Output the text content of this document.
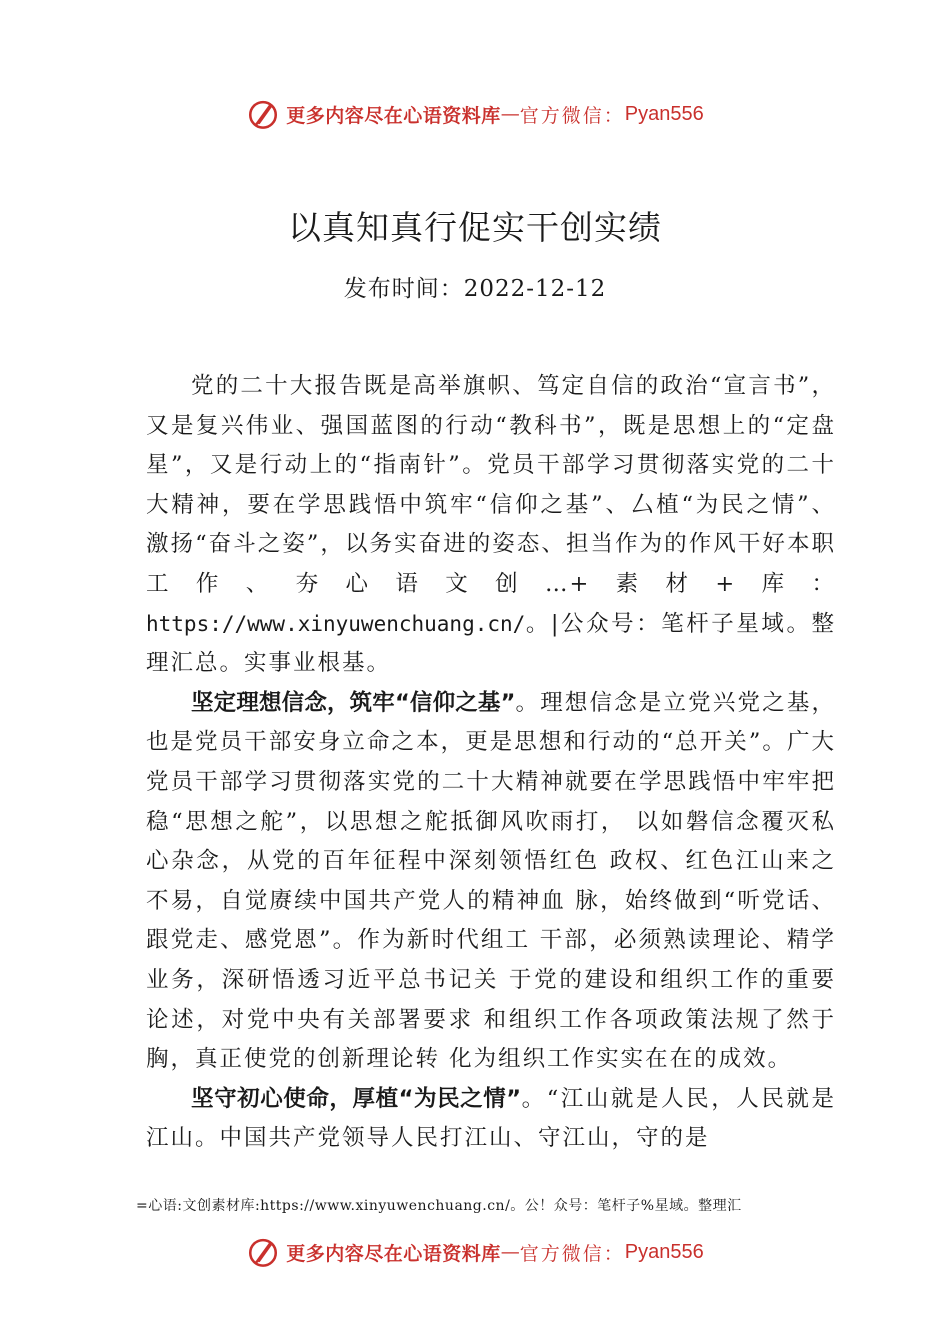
更多内容尽在心语资料库 — 官方微信： Pyan556
以真知真行促实干创实绩
发布时间：2022-12-12

党的二十大报告既是高举旗帜、笃定自信的政治“宣言书”，又是复兴伟业、强国蓝图的行动“教科书”，既是思想上的“定盘星”，又是行动上的“指南针”。党员干部学习贯彻落实党的二十大精神，要在学思践悟中筑牢“信仰之基”、厶植“为民之情”、激扬“奋斗之姿”，以务实奋进的姿态、担当作为的作风干好本职工作、夯心语文创…+素材+库：https://www.xinyuwenchuang.cn/。|公众号：笔杆子星域。整理汇总。实事业根基。

坚定理想信念，筑牢“信仰之基”。理想信念是立党兴党之基，也是党员干部安身立命之本，更是思想和行动的“总开关”。广大党员干部学习贯彻落实党的二十大精神就要在学思践悟中牢牢把稳“思想之舵”，以思想之舵抵御风吹雨打， 以如磐信念覆灭私心杂念，从党的百年征程中深刻领悟红色 政权、红色江山来之不易，自觉赓续中国共产党人的精神血 脉，始终做到“听党话、跟党走、感党恩”。作为新时代组工 干部，必须熟读理论、精学业务，深研悟透习近平总书记关 于党的建设和组织工作的重要论述，对党中央有关部署要求 和组织工作各项政策法规了然于胸，真正使党的创新理论转 化为组织工作实实在在的成效。

坚守初心使命，厚植“为民之情”。“江山就是人民，人民就是江山。中国共产党领导人民打江山、守江山，守的是

=心语:文创素材库:https://www.xinyuwenchuang.cn/。公！众号：笔杆子%星域。整理汇
更多内容尽在心语资料库 — 官方微信： Pyan556
